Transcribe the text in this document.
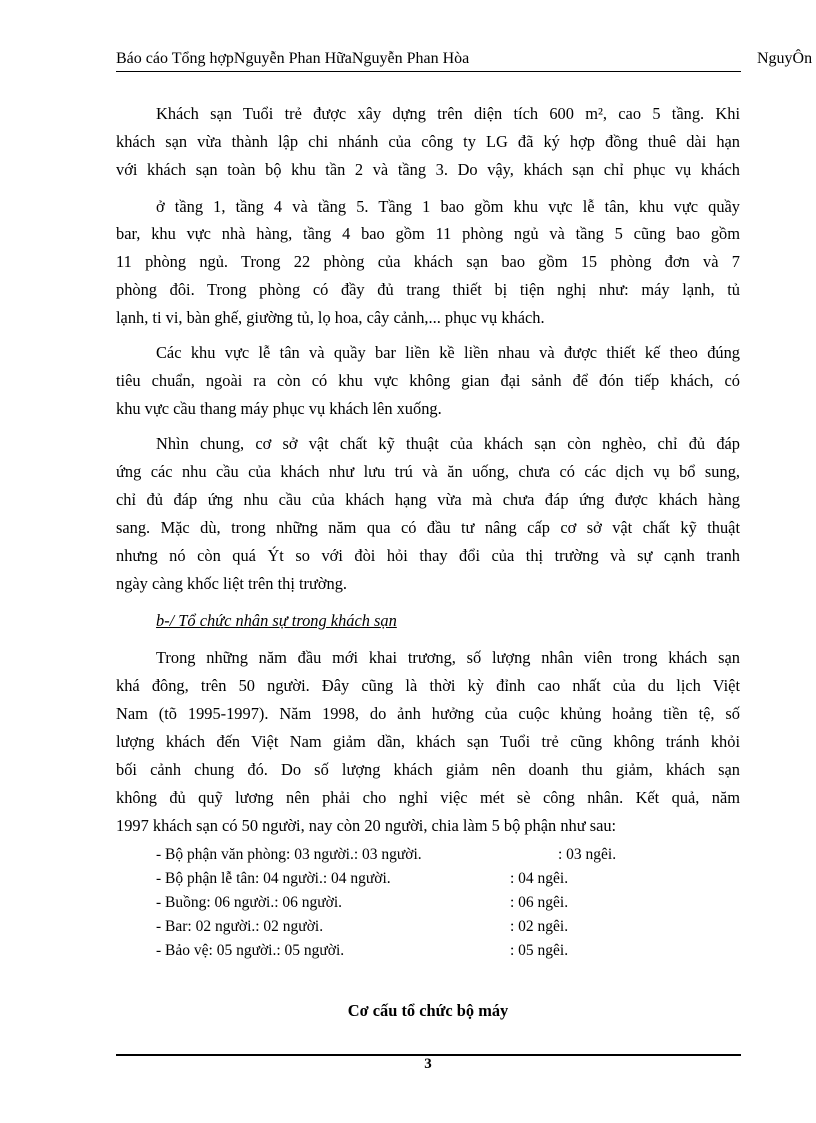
Báo cáo Tổng hợpNguyễn Phan HữaNguyễn Phan Hòa	NguyÔn
Khách sạn Tuổi trẻ được xây dựng trên diện tích 600 m², cao 5 tầng. Khi
khách sạn vừa thành lập chi nhánh của công ty LG đã ký hợp đồng thuê dài hạn
với khách sạn toàn bộ khu tần 2 và tầng 3. Do vậy, khách sạn chỉ phục vụ khách
ở tầng 1, tầng 4 và tầng 5. Tầng 1 bao gồm khu vực lễ tân, khu vực quầy
bar, khu vực nhà hàng, tầng 4 bao gồm 11 phòng ngủ và tầng 5 cũng bao gồm
11 phòng ngủ. Trong 22 phòng của khách sạn bao gồm 15 phòng đơn và 7
phòng đôi. Trong phòng có đầy đủ trang thiết bị tiện nghị như: máy lạnh, tủ
lạnh, ti vi, bàn ghế, giường tủ, lọ hoa, cây cảnh,... phục vụ khách.
Các khu vực lễ tân và quầy bar liền kề liền nhau và được thiết kế theo đúng
tiêu chuẩn, ngoài ra còn có khu vực không gian đại sảnh để đón tiếp khách, có
khu vực cầu thang máy phục vụ khách lên xuống.
Nhìn chung, cơ sở vật chất kỹ thuật của khách sạn còn nghèo, chỉ đủ đáp
ứng các nhu cầu của khách như lưu trú và ăn uống, chưa có các dịch vụ bổ sung,
chỉ đủ đáp ứng nhu cầu của khách hạng vừa mà chưa đáp ứng được khách hàng
sang. Mặc dù, trong những năm qua có đầu tư nâng cấp cơ sở vật chất kỹ thuật
nhưng nó còn quá Ýt so với đòi hỏi thay đổi của thị trường và sự cạnh tranh
ngày càng khốc liệt trên thị trường.
b-/ Tổ chức nhân sự trong khách sạn
Trong những năm đầu mới khai trương, số lượng nhân viên trong khách sạn
khá đông, trên 50 người. Đây cũng là thời kỳ đỉnh cao nhất của du lịch Việt
Nam (tõ 1995-1997). Năm 1998, do ảnh hưởng của cuộc khủng hoảng tiền tệ, số
lượng khách đến Việt Nam giảm dần, khách sạn Tuổi trẻ cũng không tránh khỏi
bối cảnh chung đó. Do số lượng khách giảm nên doanh thu giảm, khách sạn
không đủ quỹ lương nên phải cho nghỉ việc mét sè công nhân. Kết quả, năm
1997 khách sạn có 50 người, nay còn 20 người, chia làm 5 bộ phận như sau:
- Bộ phận văn phòng: 03 người.: 03 người.	: 03 ngêi.
- Bộ phận lễ tân: 04 người.: 04 người.	: 04 ngêi.
- Buồng: 06 người.: 06 người.	: 06 ngêi.
- Bar: 02 người.: 02 người.	: 02 ngêi.
- Bảo vệ: 05 người.: 05 người.	: 05 ngêi.
Cơ cấu tổ chức bộ máy
3
